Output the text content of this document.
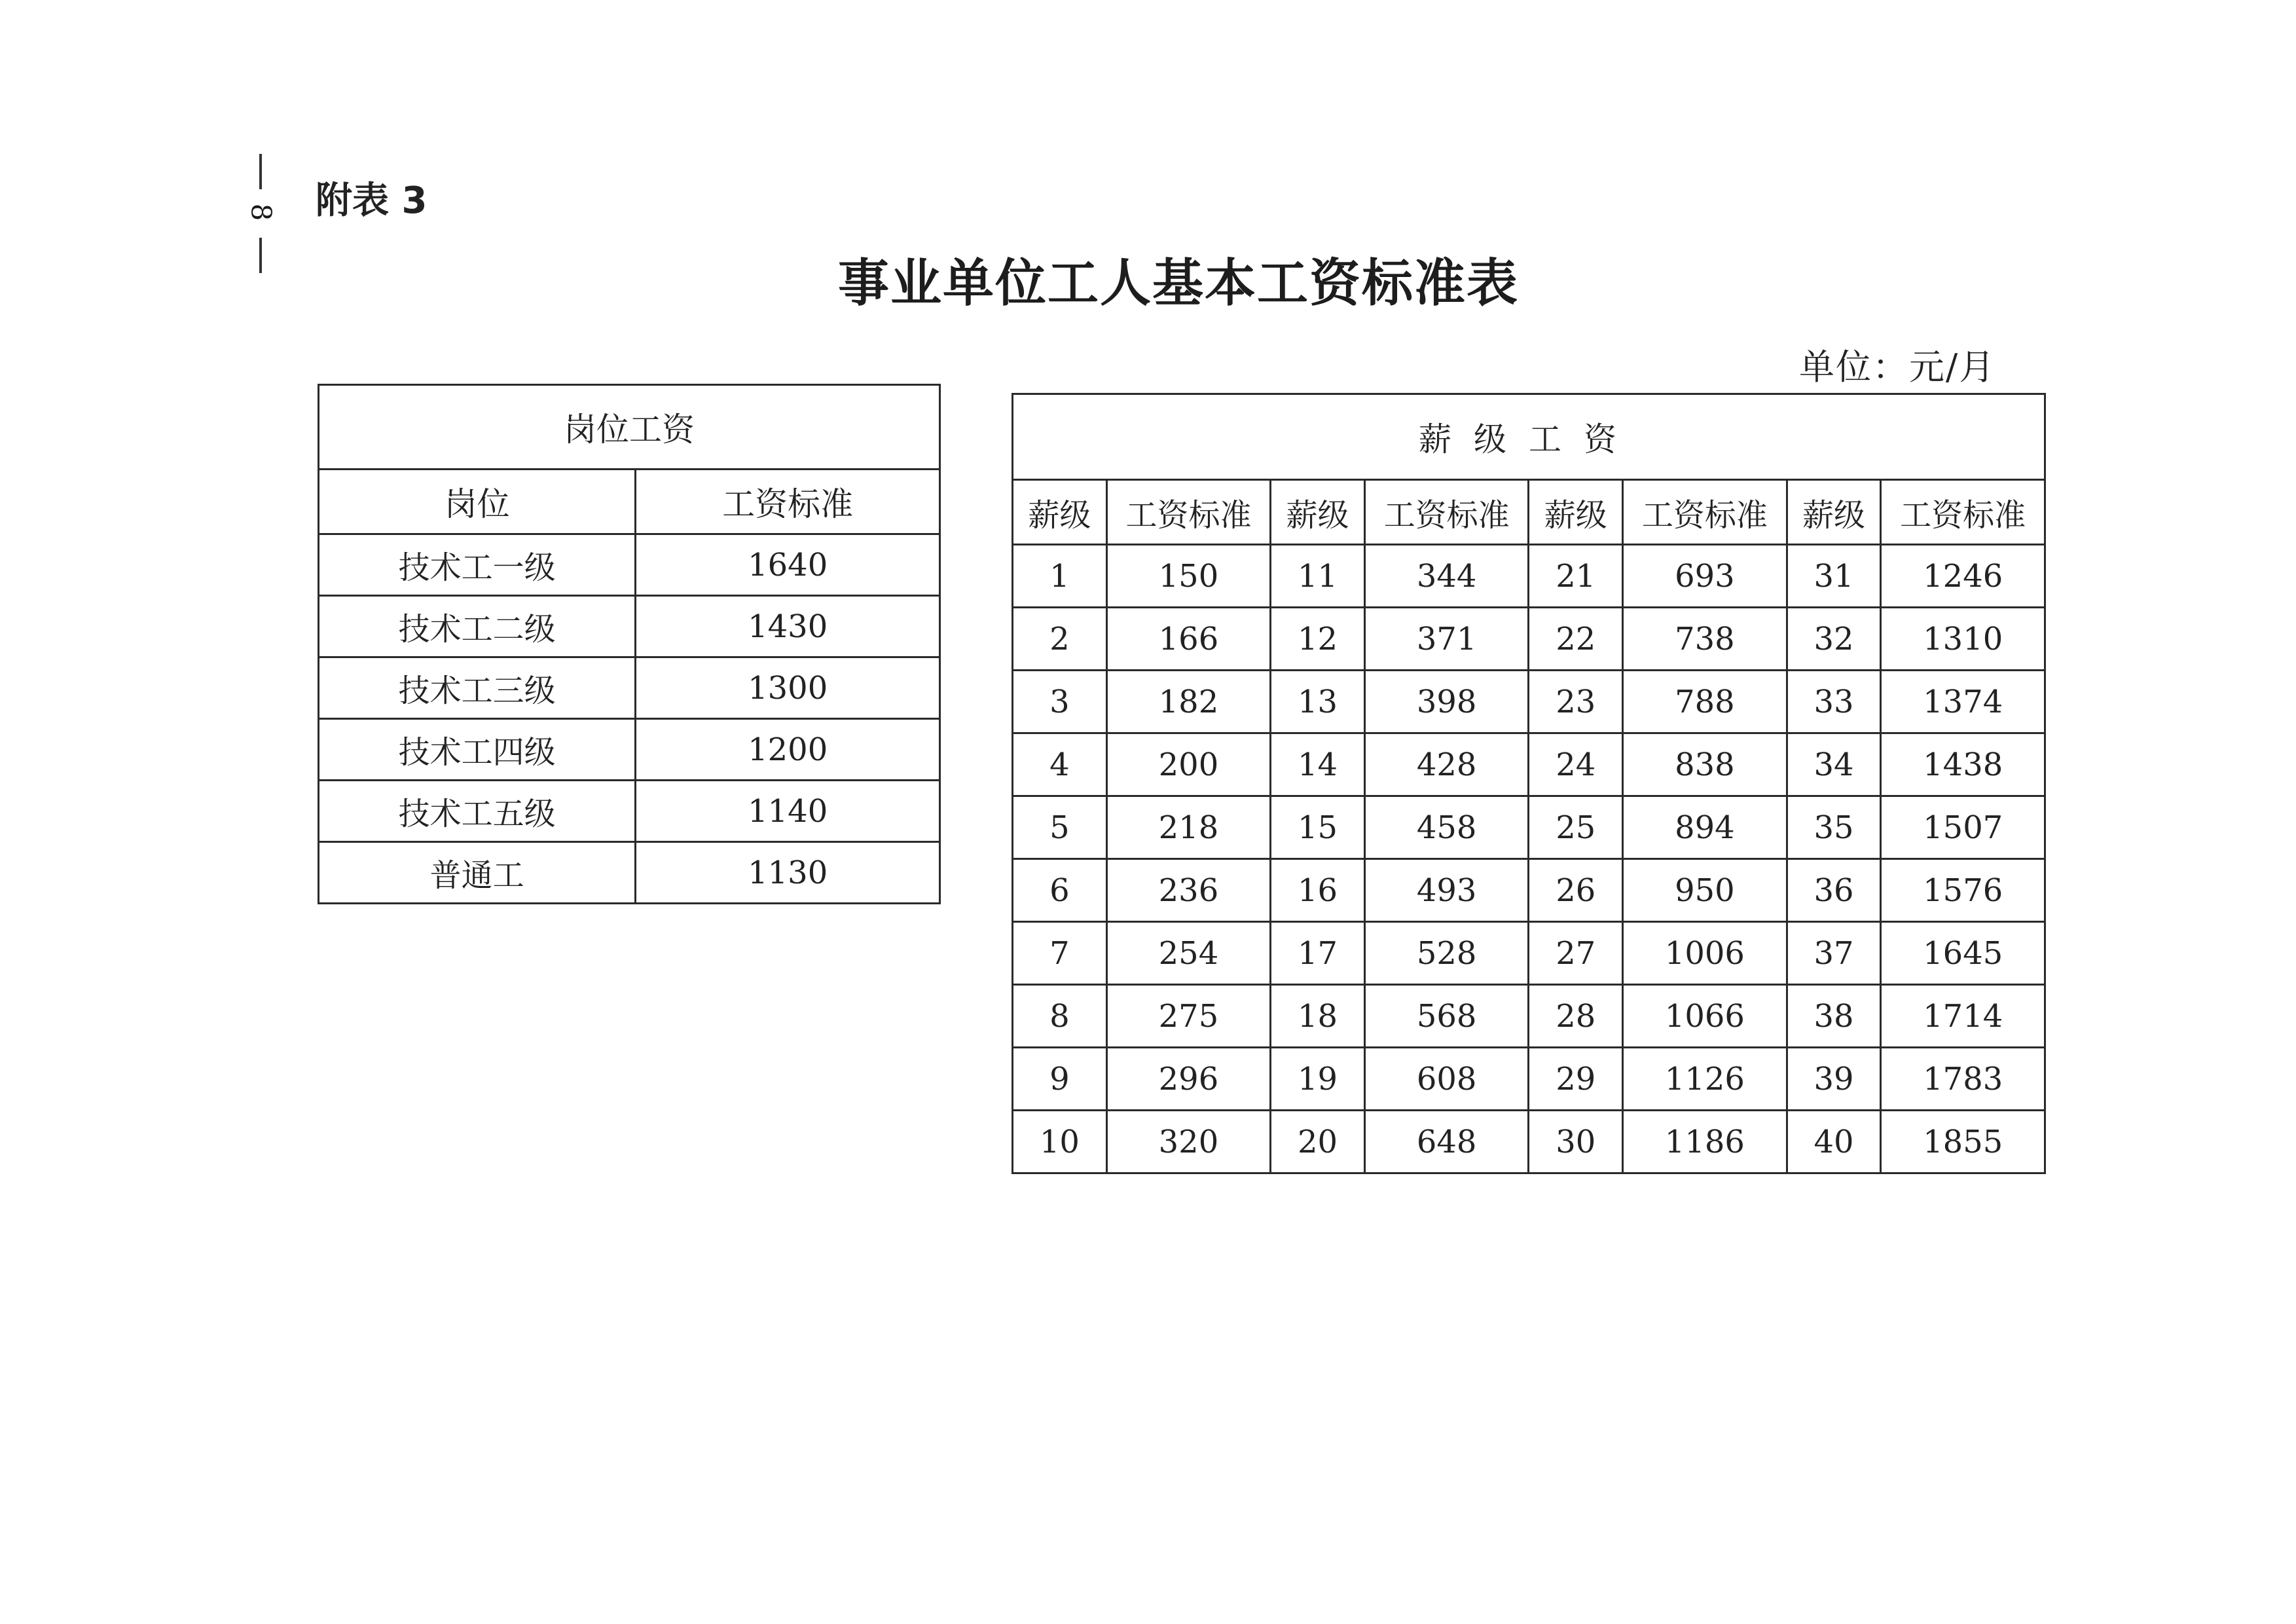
8 附表 3
事业单位工人基本工资标准表
单位：元/月
岗位工资	
岗位	工资标准
技术工一级	1640
技术工二级	1430
技术工三级	1300
技术工四级	1200
技术工五级	1140
普通工	1130
薪级工资							
薪级	工资标准	薪级	工资标准	薪级	工资标准	薪级	工资标准
1	150	11	344	21	693	31	1246
2	166	12	371	22	738	32	1310
3	182	13	398	23	788	33	1374
4	200	14	428	24	838	34	1438
5	218	15	458	25	894	35	1507
6	236	16	493	26	950	36	1576
7	254	17	528	27	1006	37	1645
8	275	18	568	28	1066	38	1714
9	296	19	608	29	1126	39	1783
10	320	20	648	30	1186	40	1855
